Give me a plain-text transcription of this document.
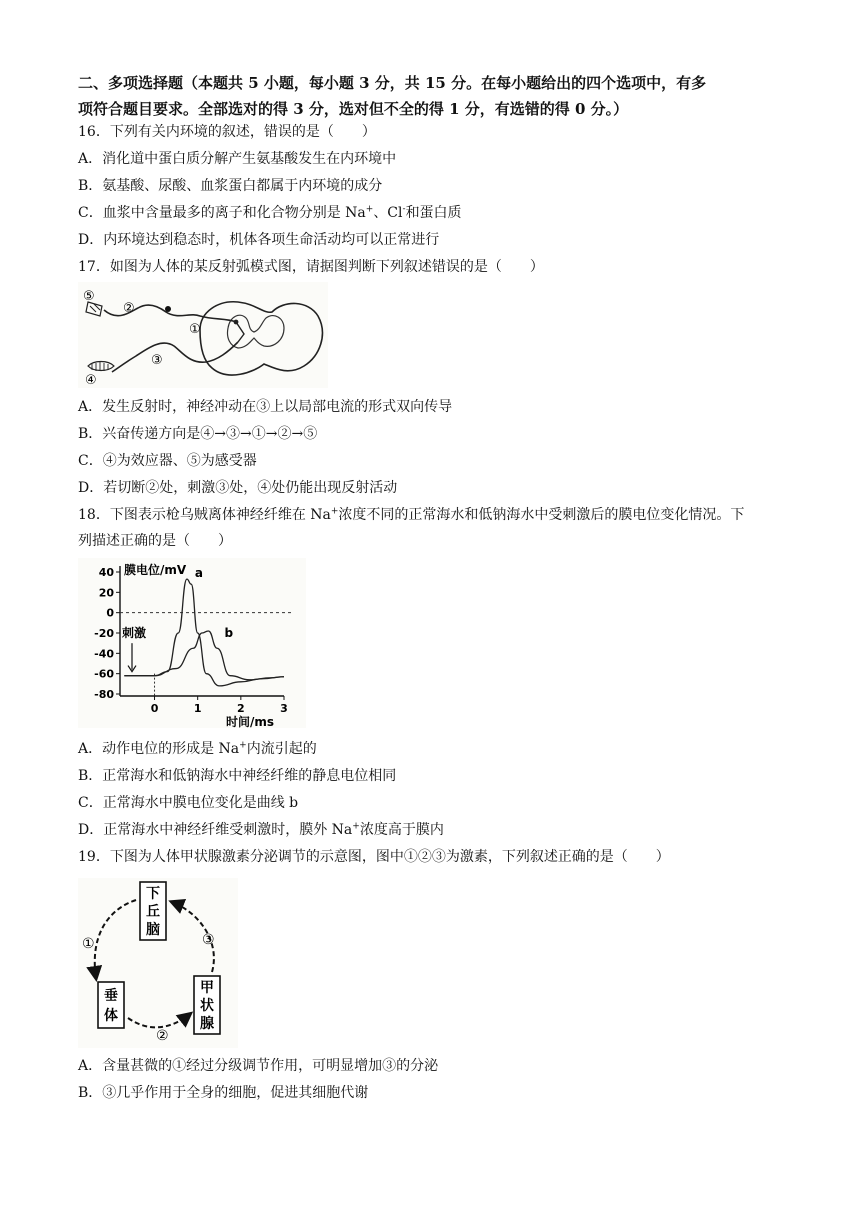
二、多项选择题（本题共 5 小题，每小题 3 分，共 15 分。在每小题给出的四个选项中，有多
项符合题目要求。全部选对的得 3 分，选对但不全的得 1 分，有选错的得 0 分。）
16．下列有关内环境的叙述，错误的是（　　）
A．消化道中蛋白质分解产生氨基酸发生在内环境中
B．氨基酸、尿酸、血浆蛋白都属于内环境的成分
C．血浆中含量最多的离子和化合物分别是 Na+、Cl-和蛋白质
D．内环境达到稳态时，机体各项生命活动均可以正常进行
17．如图为人体的某反射弧模式图，请据图判断下列叙述错误的是（　　）
⑤
②
①
③
④
A．发生反射时，神经冲动在③上以局部电流的形式双向传导
B．兴奋传递方向是④→③→①→②→⑤
C．④为效应器、⑤为感受器
D．若切断②处，刺激③处，④处仍能出现反射活动
18．下图表示枪乌贼离体神经纤维在 Na+浓度不同的正常海水和低钠海水中受刺激后的膜电位变化情况。下
列描述正确的是（　　）
40
20
0
-20
-40
-60
-80
0	1	2	3
膜电位/mV
时间/ms
刺激
a
b
A．动作电位的形成是 Na+内流引起的
B．正常海水和低钠海水中神经纤维的静息电位相同
C．正常海水中膜电位变化是曲线 b
D．正常海水中神经纤维受刺激时，膜外 Na+浓度高于膜内
19．下图为人体甲状腺激素分泌调节的示意图，图中①②③为激素，下列叙述正确的是（　　）
下
丘
脑
垂
体
甲
状
腺
①
②
③
A．含量甚微的①经过分级调节作用，可明显增加③的分泌
B．③几乎作用于全身的细胞，促进其细胞代谢
